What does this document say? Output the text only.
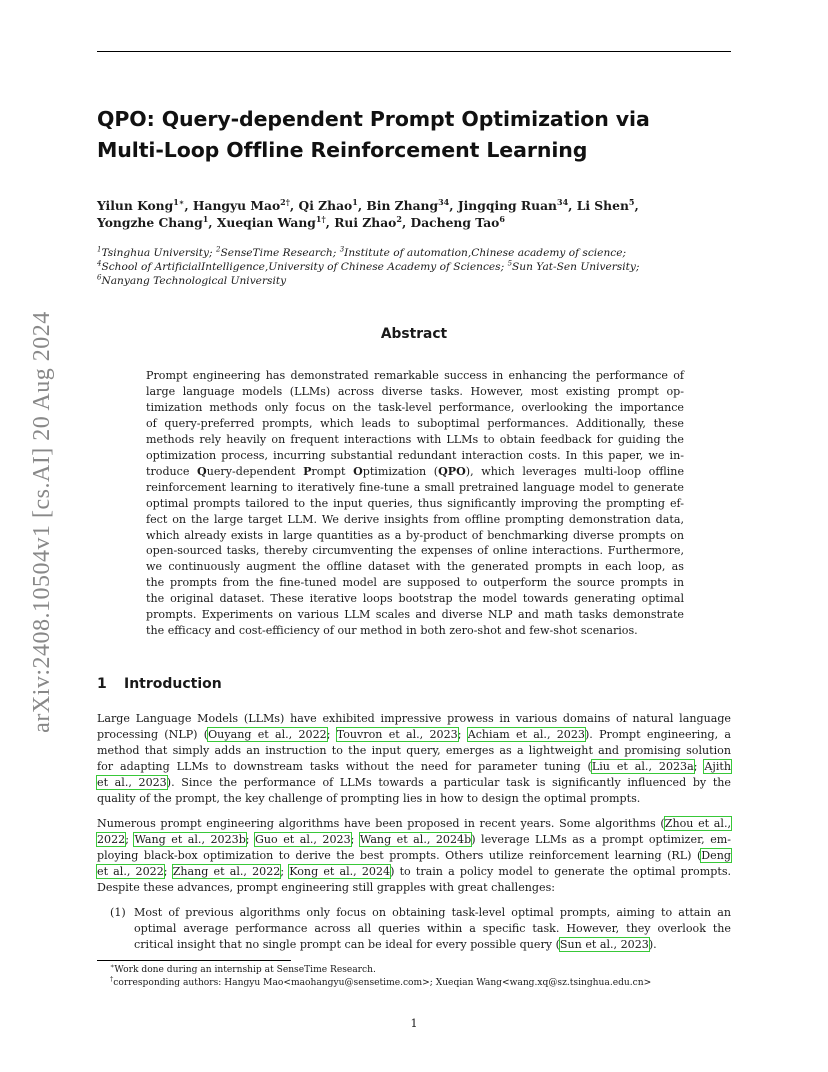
arXiv:2408.10504v1 [cs.AI] 20 Aug 2024
QPO: Query-dependent Prompt Optimization via
Multi-Loop Offline Reinforcement Learning
Yilun Kong$^{1∗}$, Hangyu Mao$^{2\dagger}$, Qi Zhao$^1$, Bin Zhang$^{34}$, Jingqing Ruan$^{34}$, Li Shen$^5$,
Yongzhe Chang$^1$, Xueqian Wang$^{1\dagger}$, Rui Zhao$^2$, Dacheng Tao$^6$
$^1$Tsinghua University; $^2$SenseTime Research; $^3$Institute of automation,Chinese academy of science;
$^4$School of ArtificialIntelligence,University of Chinese Academy of Sciences; $^5$Sun Yat-Sen University;
$^6$Nanyang Technological University
Abstract
Prompt engineering has demonstrated remarkable success in enhancing the performance of
large language models (LLMs) across diverse tasks. However, most existing prompt op-
timization methods only focus on the task-level performance, overlooking the importance
of query-preferred prompts, which leads to suboptimal performances. Additionally, these
methods rely heavily on frequent interactions with LLMs to obtain feedback for guiding the
optimization process, incurring substantial redundant interaction costs. In this paper, we in-
troduce Query-dependent Prompt Optimization (QPO), which leverages multi-loop offline
reinforcement learning to iteratively fine-tune a small pretrained language model to generate
optimal prompts tailored to the input queries, thus significantly improving the prompting ef-
fect on the large target LLM. We derive insights from offline prompting demonstration data,
which already exists in large quantities as a by-product of benchmarking diverse prompts on
open-sourced tasks, thereby circumventing the expenses of online interactions. Furthermore,
we continuously augment the offline dataset with the generated prompts in each loop, as
the prompts from the fine-tuned model are supposed to outperform the source prompts in
the original dataset. These iterative loops bootstrap the model towards generating optimal
prompts. Experiments on various LLM scales and diverse NLP and math tasks demonstrate
the efficacy and cost-efficiency of our method in both zero-shot and few-shot scenarios.
1 Introduction
Large Language Models (LLMs) have exhibited impressive prowess in various domains of natural language
processing (NLP) (Ouyang et al., 2022; Touvron et al., 2023; Achiam et al., 2023). Prompt engineering, a
method that simply adds an instruction to the input query, emerges as a lightweight and promising solution
for adapting LLMs to downstream tasks without the need for parameter tuning (Liu et al., 2023a; Ajith
et al., 2023). Since the performance of LLMs towards a particular task is significantly influenced by the
quality of the prompt, the key challenge of prompting lies in how to design the optimal prompts.
Numerous prompt engineering algorithms have been proposed in recent years. Some algorithms (Zhou et al.,
2022; Wang et al., 2023b; Guo et al., 2023; Wang et al., 2024b) leverage LLMs as a prompt optimizer, em-
ploying black-box optimization to derive the best prompts. Others utilize reinforcement learning (RL) (Deng
et al., 2022; Zhang et al., 2022; Kong et al., 2024) to train a policy model to generate the optimal prompts.
Despite these advances, prompt engineering still grapples with great challenges:
(1) Most of previous algorithms only focus on obtaining task-level optimal prompts, aiming to attain an
optimal average performance across all queries within a specific task. However, they overlook the
critical insight that no single prompt can be ideal for every possible query (Sun et al., 2023).
∗Work done during an internship at SenseTime Research.
†corresponding authors: Hangyu Mao<maohangyu@sensetime.com>; Xueqian Wang<wang.xq@sz.tsinghua.edu.cn>
1
